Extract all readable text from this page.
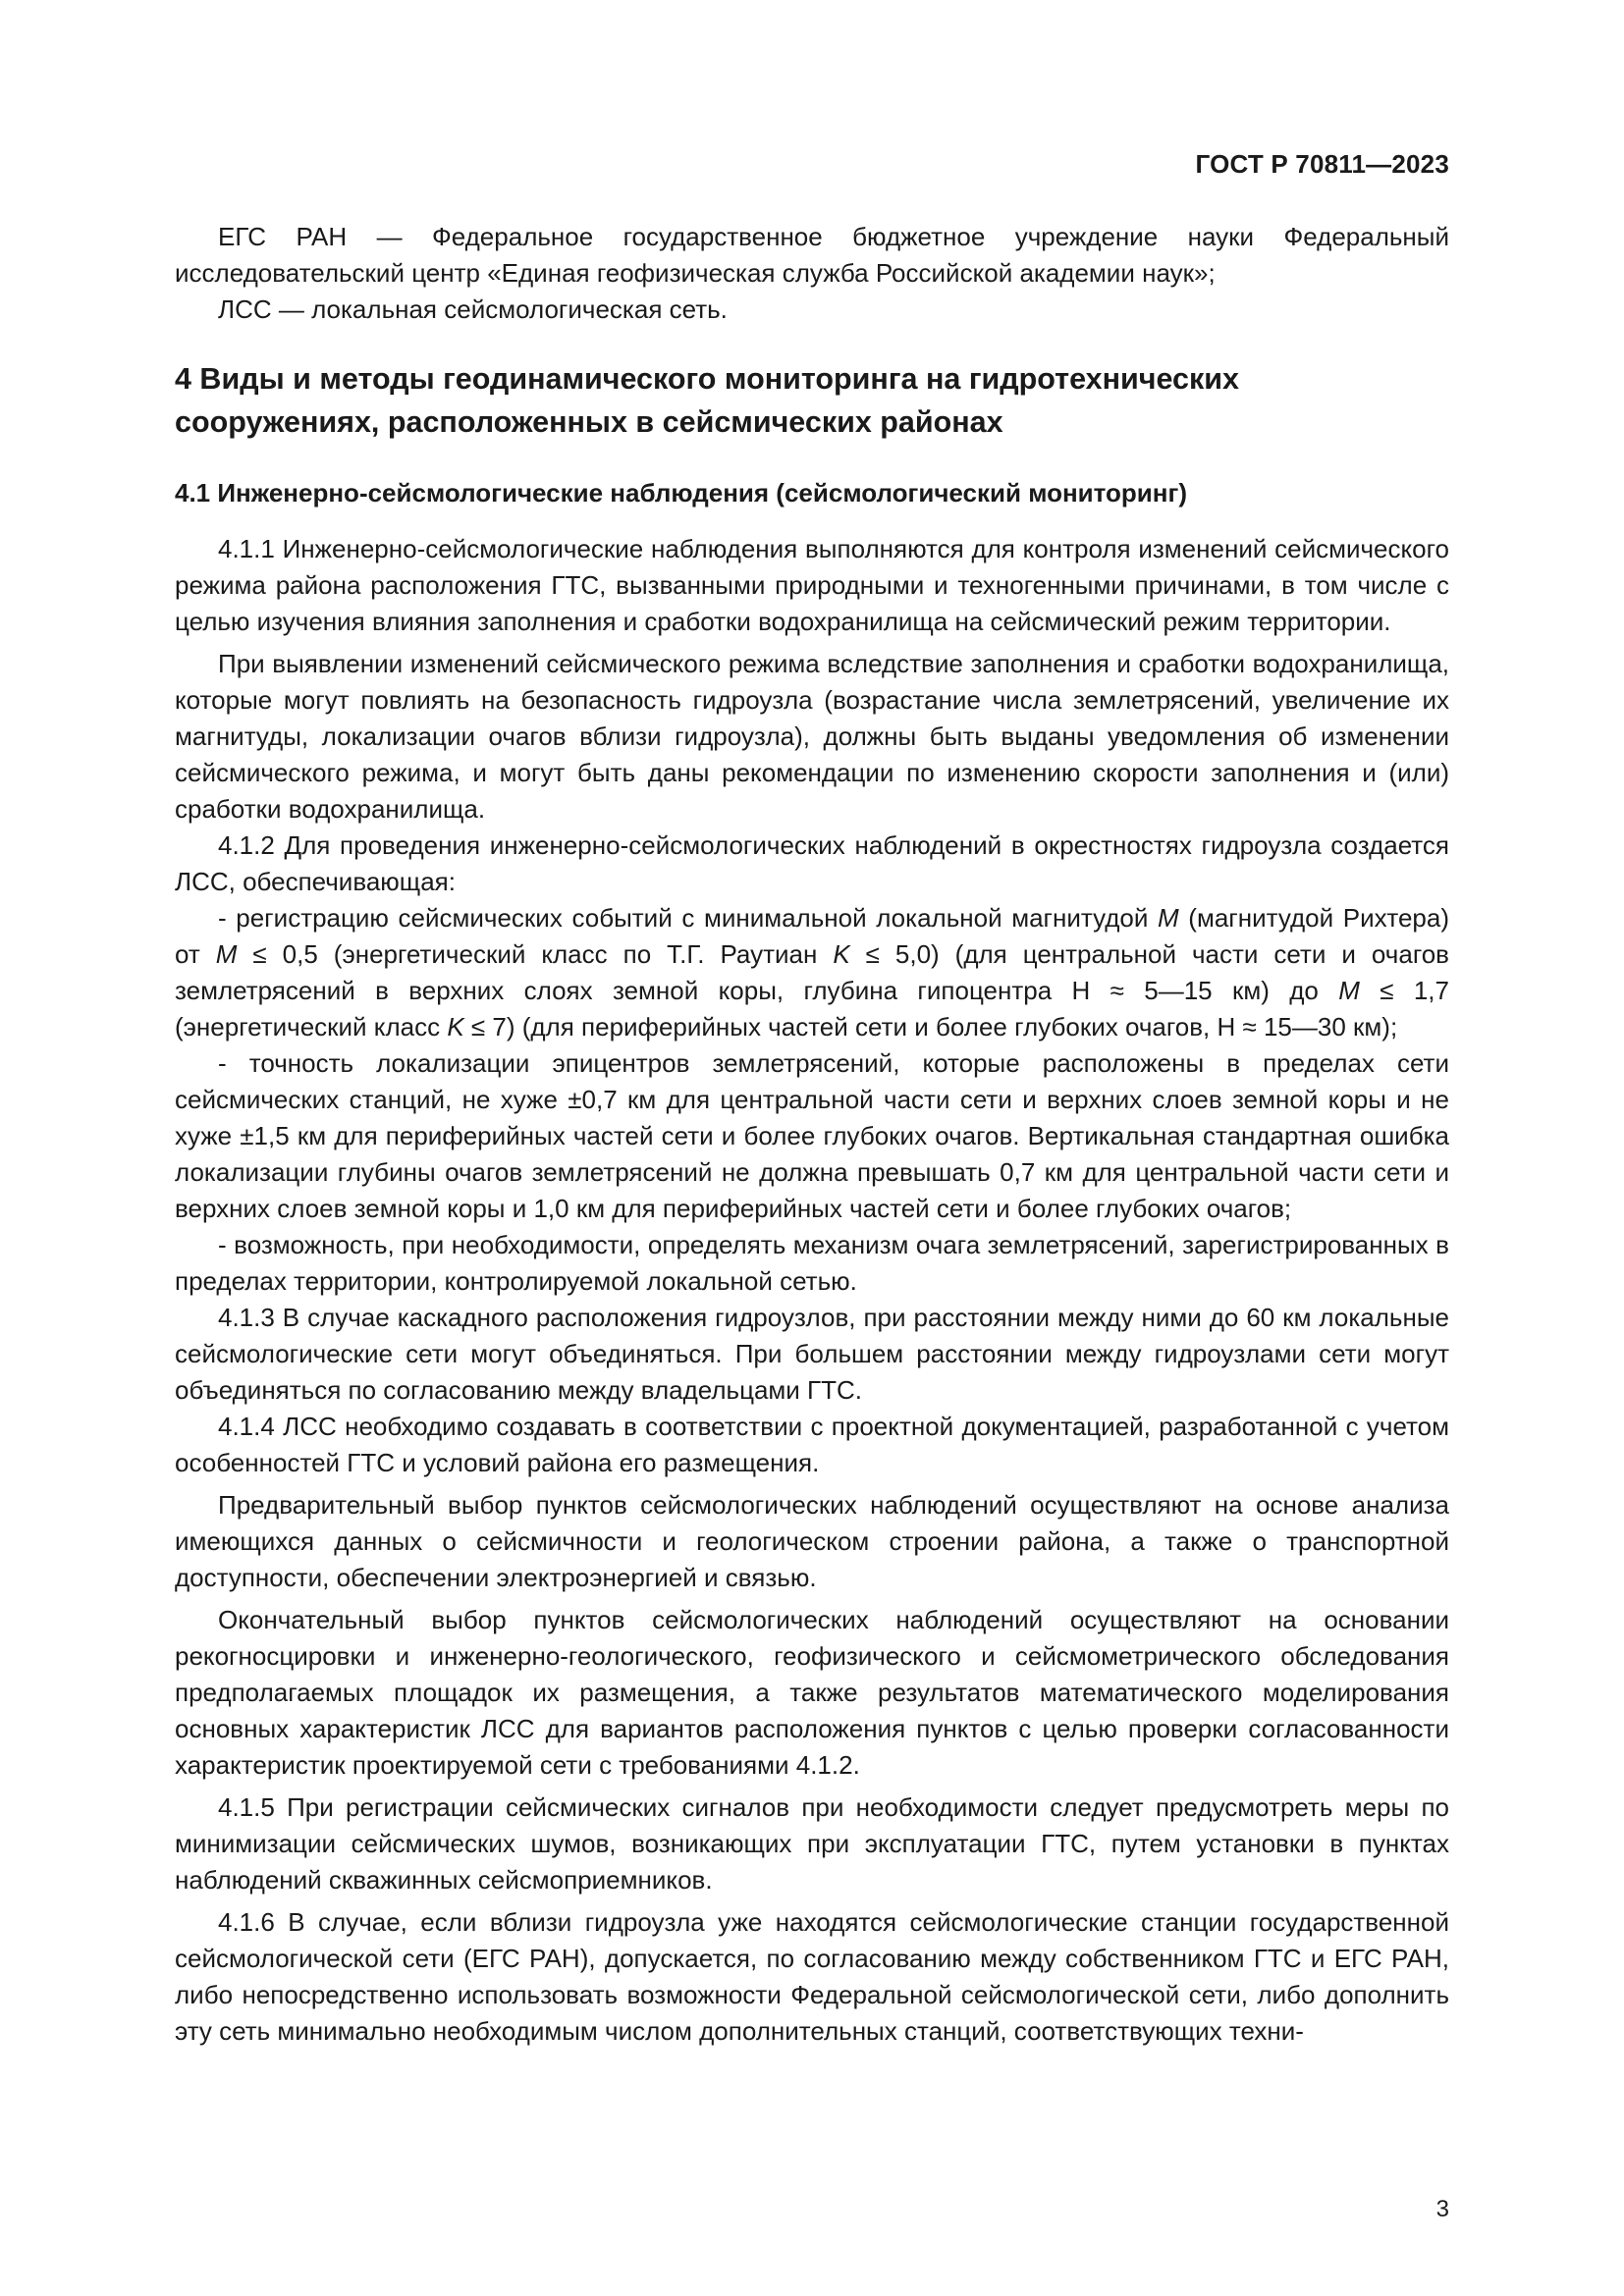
ГОСТ Р 70811—2023

ЕГС РАН — Федеральное государственное бюджетное учреждение науки Федеральный исследовательский центр «Единая геофизическая служба Российской академии наук»;

ЛСС — локальная сейсмологическая сеть.

4 Виды и методы геодинамического мониторинга на гидротехнических сооружениях, расположенных в сейсмических районах
4.1 Инженерно-сейсмологические наблюдения (сейсмологический мониторинг)

4.1.1 Инженерно-сейсмологические наблюдения выполняются для контроля изменений сейсмического режима района расположения ГТС, вызванными природными и техногенными причинами, в том числе с целью изучения влияния заполнения и сработки водохранилища на сейсмический режим территории.

При выявлении изменений сейсмического режима вследствие заполнения и сработки водохранилища, которые могут повлиять на безопасность гидроузла (возрастание числа землетрясений, увеличение их магнитуды, локализации очагов вблизи гидроузла), должны быть выданы уведомления об изменении сейсмического режима, и могут быть даны рекомендации по изменению скорости заполнения и (или) сработки водохранилища.

4.1.2 Для проведения инженерно-сейсмологических наблюдений в окрестностях гидроузла создается ЛСС, обеспечивающая:

- регистрацию сейсмических событий с минимальной локальной магнитудой M (магнитудой Рихтера) от M ≤ 0,5 (энергетический класс по Т.Г. Раутиан K ≤ 5,0) (для центральной части сети и очагов землетрясений в верхних слоях земной коры, глубина гипоцентра H ≈ 5—15 км) до M ≤ 1,7 (энергетический класс K ≤ 7) (для периферийных частей сети и более глубоких очагов, H ≈ 15—30 км);

- точность локализации эпицентров землетрясений, которые расположены в пределах сети сейсмических станций, не хуже ±0,7 км для центральной части сети и верхних слоев земной коры и не хуже ±1,5 км для периферийных частей сети и более глубоких очагов. Вертикальная стандартная ошибка локализации глубины очагов землетрясений не должна превышать 0,7 км для центральной части сети и верхних слоев земной коры и 1,0 км для периферийных частей сети и более глубоких очагов;

- возможность, при необходимости, определять механизм очага землетрясений, зарегистрированных в пределах территории, контролируемой локальной сетью.

4.1.3 В случае каскадного расположения гидроузлов, при расстоянии между ними до 60 км локальные сейсмологические сети могут объединяться. При большем расстоянии между гидроузлами сети могут объединяться по согласованию между владельцами ГТС.

4.1.4 ЛСС необходимо создавать в соответствии с проектной документацией, разработанной с учетом особенностей ГТС и условий района его размещения.

Предварительный выбор пунктов сейсмологических наблюдений осуществляют на основе анализа имеющихся данных о сейсмичности и геологическом строении района, а также о транспортной доступности, обеспечении электроэнергией и связью.

Окончательный выбор пунктов сейсмологических наблюдений осуществляют на основании рекогносцировки и инженерно-геологического, геофизического и сейсмометрического обследования предполагаемых площадок их размещения, а также результатов математического моделирования основных характеристик ЛСС для вариантов расположения пунктов с целью проверки согласованности характеристик проектируемой сети с требованиями 4.1.2.

4.1.5 При регистрации сейсмических сигналов при необходимости следует предусмотреть меры по минимизации сейсмических шумов, возникающих при эксплуатации ГТС, путем установки в пунктах наблюдений скважинных сейсмоприемников.

4.1.6 В случае, если вблизи гидроузла уже находятся сейсмологические станции государственной сейсмологической сети (ЕГС РАН), допускается, по согласованию между собственником ГТС и ЕГС РАН, либо непосредственно использовать возможности Федеральной сейсмологической сети, либо дополнить эту сеть минимально необходимым числом дополнительных станций, соответствующих техни-

3
